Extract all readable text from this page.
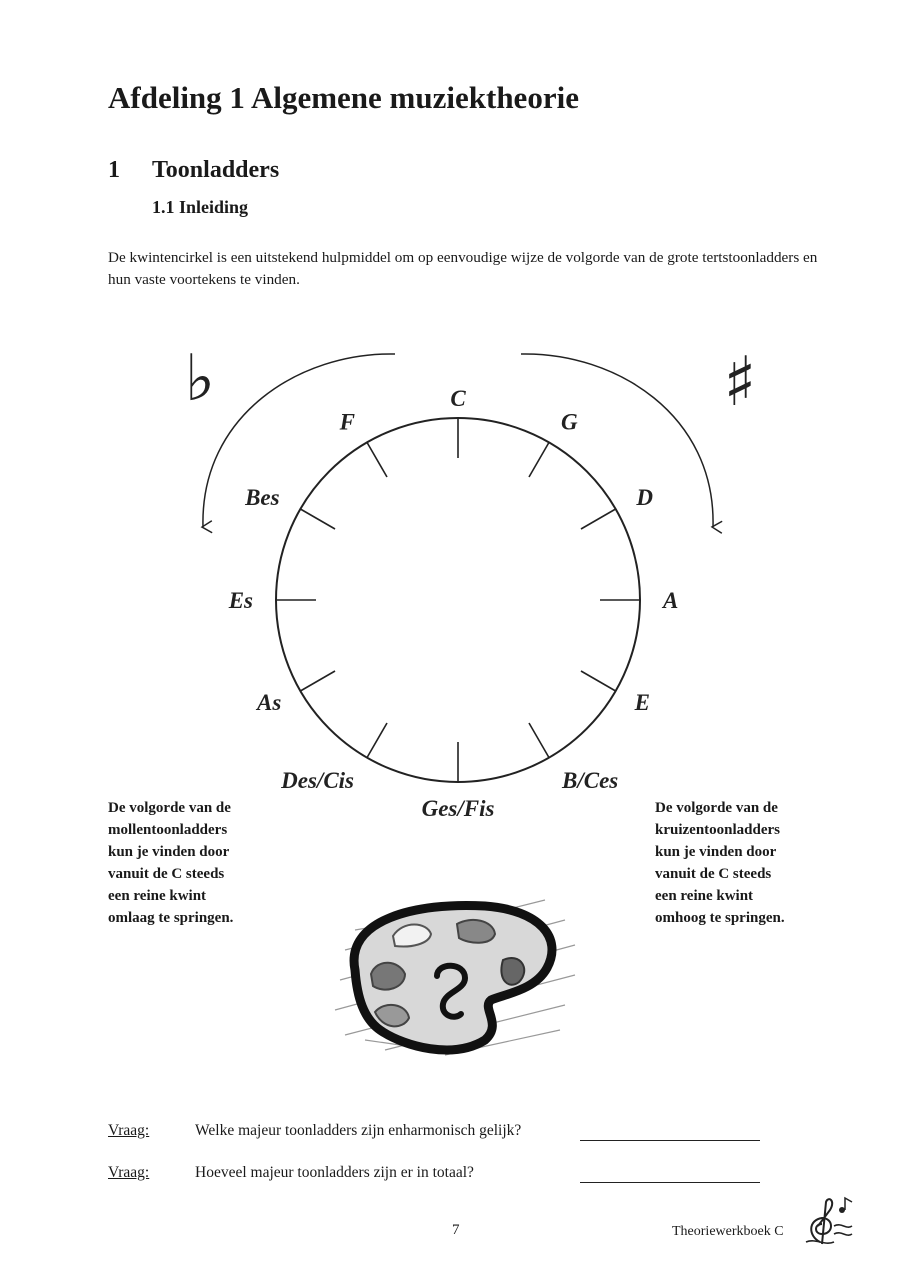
Afdeling 1 Algemene muziektheorie
1 Toonladders
1.1 Inleiding

De kwintencirkel is een uitstekend hulpmiddel om op eenvoudige wijze de volgorde van de grote tertstoonladders en hun vaste voortekens te vinden.

♭	♯
C
G
D
A
E
B/Ces
Ges/Fis
Des/Cis
As
Es
Bes
F
De volgorde van de
mollentoonladders
kun je vinden door
vanuit de C steeds
een reine kwint
omlaag te springen.
De volgorde van de
kruizentoonladders
kun je vinden door
vanuit de C steeds
een reine kwint
omhoog te springen.
Vraag:	Welke majeur toonladders zijn enharmonisch gelijk?
Vraag:	Hoeveel majeur toonladders zijn er in totaal?
7	Theoriewerkboek C
